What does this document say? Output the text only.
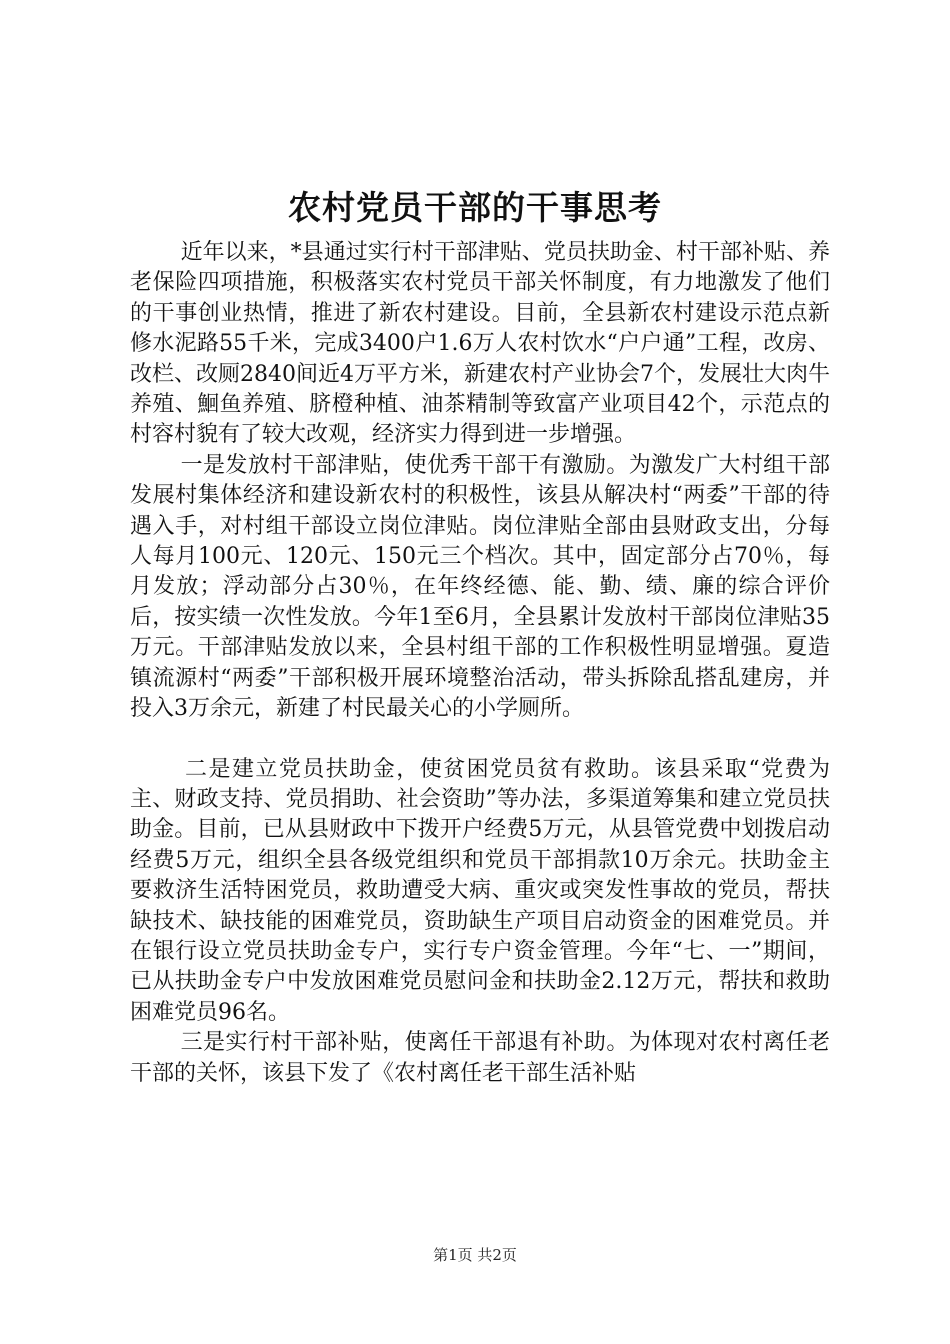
农村党员干部的干事思考

近年以来，*县通过实行村干部津贴、党员扶助金、村干部补贴、养老保险四项措施，积极落实农村党员干部关怀制度，有力地激发了他们的干事创业热情，推进了新农村建设。目前，全县新农村建设示范点新修水泥路55千米，完成3400户1.6万人农村饮水“户户通”工程，改房、改栏、改厕2840间近4万平方米，新建农村产业协会7个，发展壮大肉牛养殖、鮰鱼养殖、脐橙种植、油茶精制等致富产业项目42个，示范点的村容村貌有了较大改观，经济实力得到进一步增强。

一是发放村干部津贴，使优秀干部干有激励。为激发广大村组干部发展村集体经济和建设新农村的积极性，该县从解决村“两委”干部的待遇入手，对村组干部设立岗位津贴。岗位津贴全部由县财政支出，分每人每月100元、120元、150元三个档次。其中，固定部分占70％，每月发放；浮动部分占30％，在年终经德、能、勤、绩、廉的综合评价后，按实绩一次性发放。今年1至6月，全县累计发放村干部岗位津贴35万元。干部津贴发放以来，全县村组干部的工作积极性明显增强。夏造镇流源村“两委”干部积极开展环境整治活动，带头拆除乱搭乱建房，并投入3万余元，新建了村民最关心的小学厕所。

二是建立党员扶助金，使贫困党员贫有救助。该县采取“党费为主、财政支持、党员捐助、社会资助”等办法，多渠道筹集和建立党员扶助金。目前，已从县财政中下拨开户经费5万元，从县管党费中划拨启动经费5万元，组织全县各级党组织和党员干部捐款10万余元。扶助金主要救济生活特困党员，救助遭受大病、重灾或突发性事故的党员，帮扶缺技术、缺技能的困难党员，资助缺生产项目启动资金的困难党员。并在银行设立党员扶助金专户，实行专户资金管理。今年“七、一”期间，已从扶助金专户中发放困难党员慰问金和扶助金2.12万元，帮扶和救助困难党员96名。

三是实行村干部补贴，使离任干部退有补助。为体现对农村离任老干部的关怀，该县下发了《农村离任老干部生活补贴

第1页 共2页
